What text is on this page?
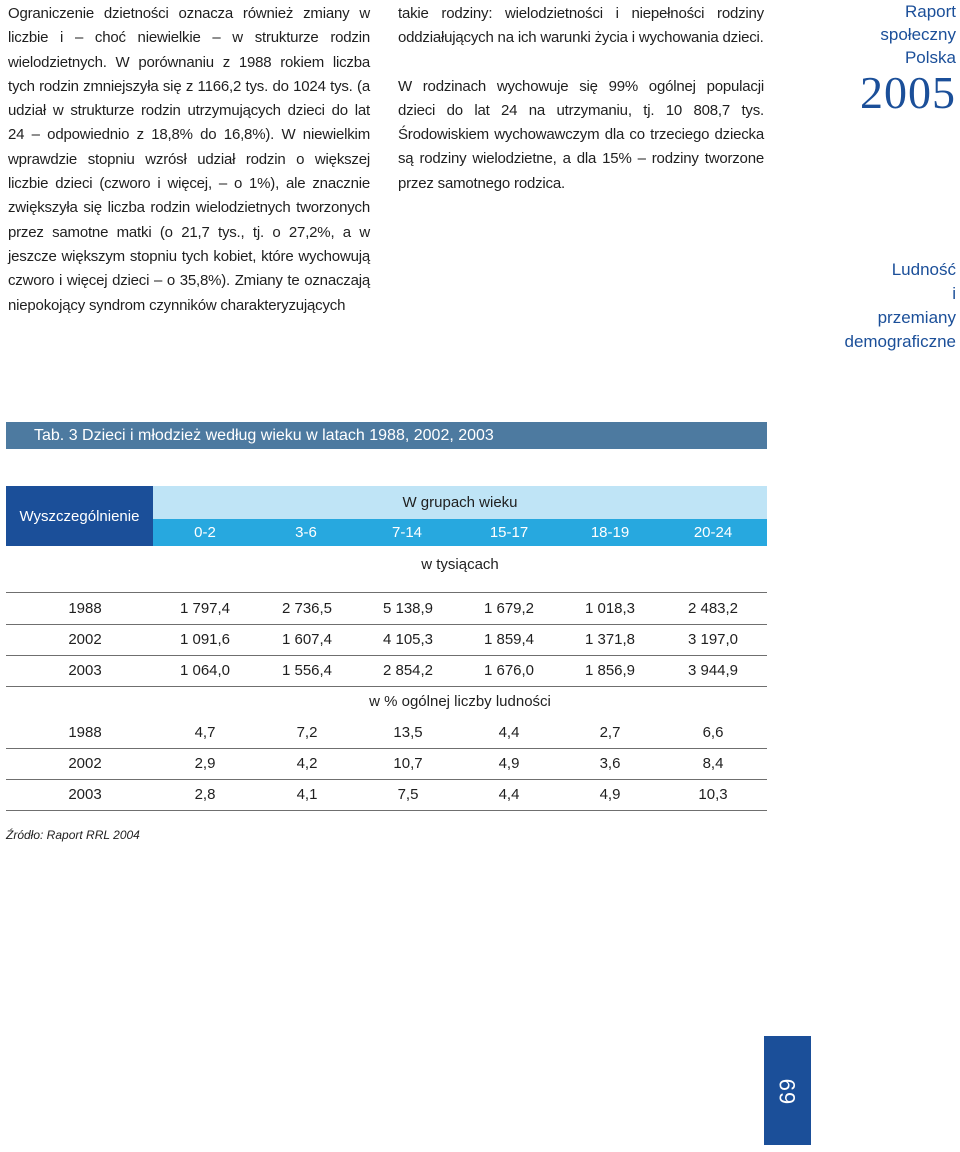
Ograniczenie dzietności oznacza również zmiany w liczbie i – choć niewielkie – w strukturze rodzin wielodzietnych. W porównaniu z 1988 rokiem liczba tych rodzin zmniejszyła się z 1166,2 tys. do 1024 tys. (a udział w strukturze rodzin utrzymujących dzieci do lat 24 – odpowiednio z 18,8% do 16,8%). W niewielkim wprawdzie stopniu wzrósł udział rodzin o większej liczbie dzieci (czworo i więcej, – o 1%), ale znacznie zwiększyła się liczba rodzin wielodzietnych tworzonych przez samotne matki (o 21,7 tys., tj. o 27,2%, a w jeszcze większym stopniu tych kobiet, które wychowują czworo i więcej dzieci – o 35,8%). Zmiany te oznaczają niepokojący syndrom czynników charakteryzujących

takie rodziny: wielodzietności i niepełności rodziny oddziałujących na ich warunki życia i wychowania dzieci.

W rodzinach wychowuje się 99% ogólnej populacji dzieci do lat 24 na utrzymaniu, tj. 10 808,7 tys. Środowiskiem wychowawczym dla co trzeciego dziecka są rodziny wielodzietne, a dla 15% – rodziny tworzone przez samotnego rodzica.

Raport
społeczny
Polska
2005
Ludność
i
przemiany
demograficzne
Tab. 3 Dzieci i młodzież według wieku w latach 1988, 2002, 2003
Wyszczególnienie
W grupach wieku
0-2	3-6	7-14	15-17	18-19	20-24
w tysiącach
1988	1 797,4	2 736,5	5 138,9	1 679,2	1 018,3	2 483,2
2002	1 091,6	1 607,4	4 105,3	1 859,4	1 371,8	3 197,0
2003	1 064,0	1 556,4	2 854,2	1 676,0	1 856,9	3 944,9
w % ogólnej liczby ludności
1988	4,7	7,2	13,5	4,4	2,7	6,6
2002	2,9	4,2	10,7	4,9	3,6	8,4
2003	2,8	4,1	7,5	4,4	4,9	10,3
Źródło: Raport RRL 2004
69
